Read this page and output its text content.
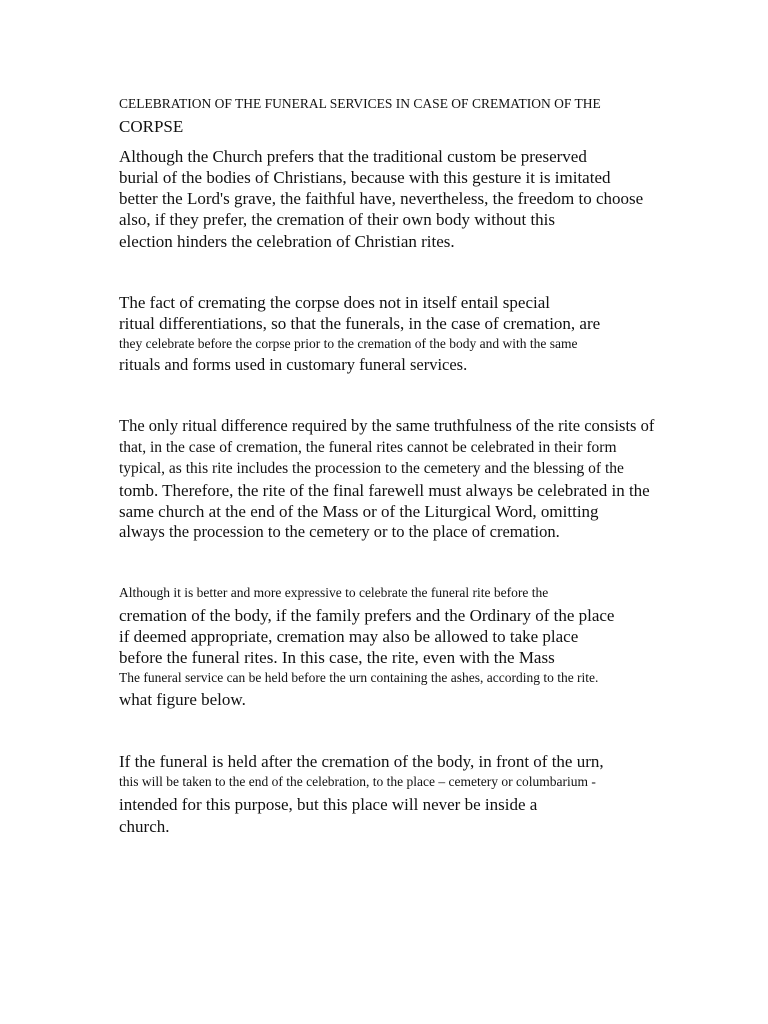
CELEBRATION OF THE FUNERAL SERVICES IN CASE OF CREMATION OF THE
CORPSE
Although the Church prefers that the traditional custom be preserved
burial of the bodies of Christians, because with this gesture it is imitated
better the Lord's grave, the faithful have, nevertheless, the freedom to choose
also, if they prefer, the cremation of their own body without this
election hinders the celebration of Christian rites.
The fact of cremating the corpse does not in itself entail special
ritual differentiations, so that the funerals, in the case of cremation, are
they celebrate before the corpse prior to the cremation of the body and with the same
rituals and forms used in customary funeral services.
The only ritual difference required by the same truthfulness of the rite consists of
that, in the case of cremation, the funeral rites cannot be celebrated in their form
typical, as this rite includes the procession to the cemetery and the blessing of the
tomb. Therefore, the rite of the final farewell must always be celebrated in the
same church at the end of the Mass or of the Liturgical Word, omitting
always the procession to the cemetery or to the place of cremation.
Although it is better and more expressive to celebrate the funeral rite before the
cremation of the body, if the family prefers and the Ordinary of the place
if deemed appropriate, cremation may also be allowed to take place
before the funeral rites. In this case, the rite, even with the Mass
The funeral service can be held before the urn containing the ashes, according to the rite.
what figure below.
If the funeral is held after the cremation of the body, in front of the urn,
this will be taken to the end of the celebration, to the place – cemetery or columbarium -
intended for this purpose, but this place will never be inside a
church.
